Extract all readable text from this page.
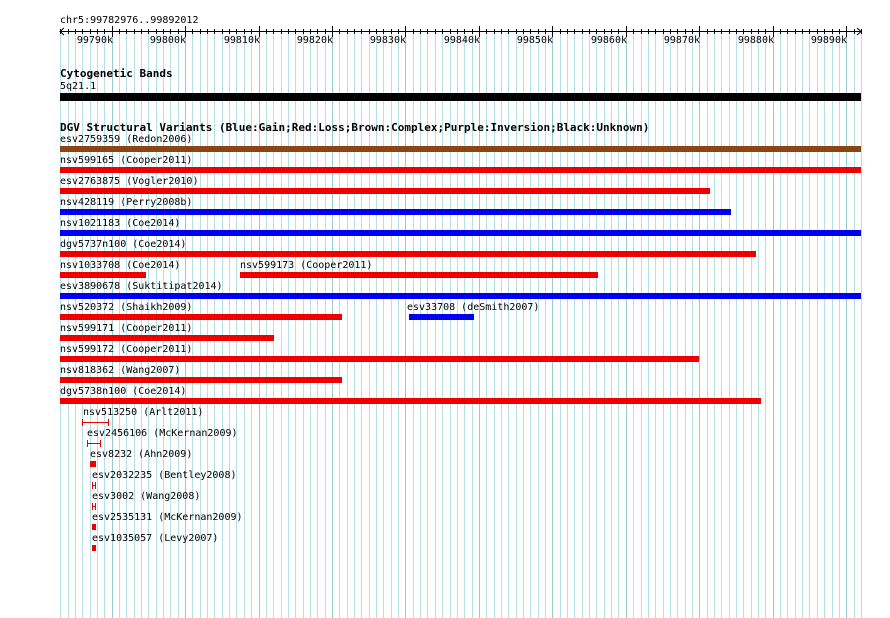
chr5:99782976..99892012
99790k	99800k	99810k	99820k	99830k	99840k	99850k	99860k	99870k	99880k	99890k
Cytogenetic Bands
5q21.1
DGV Structural Variants (Blue:Gain;Red:Loss;Brown:Complex;Purple:Inversion;Black:Unknown)
esv2759359 (Redon2006)
nsv599165 (Cooper2011)
esv2763875 (Vogler2010)
nsv428119 (Perry2008b)
nsv1021183 (Coe2014)
dgv5737n100 (Coe2014)
nsv1033708 (Coe2014)	nsv599173 (Cooper2011)
esv3890678 (Suktitipat2014)
nsv520372 (Shaikh2009)	esv33708 (deSmith2007)
nsv599171 (Cooper2011)
nsv599172 (Cooper2011)
nsv818362 (Wang2007)
dgv5738n100 (Coe2014)
nsv513250 (Arlt2011)
esv2456106 (McKernan2009)
esv8232 (Ahn2009)
esv2032235 (Bentley2008)
esv3002 (Wang2008)
esv2535131 (McKernan2009)
esv1035057 (Levy2007)
